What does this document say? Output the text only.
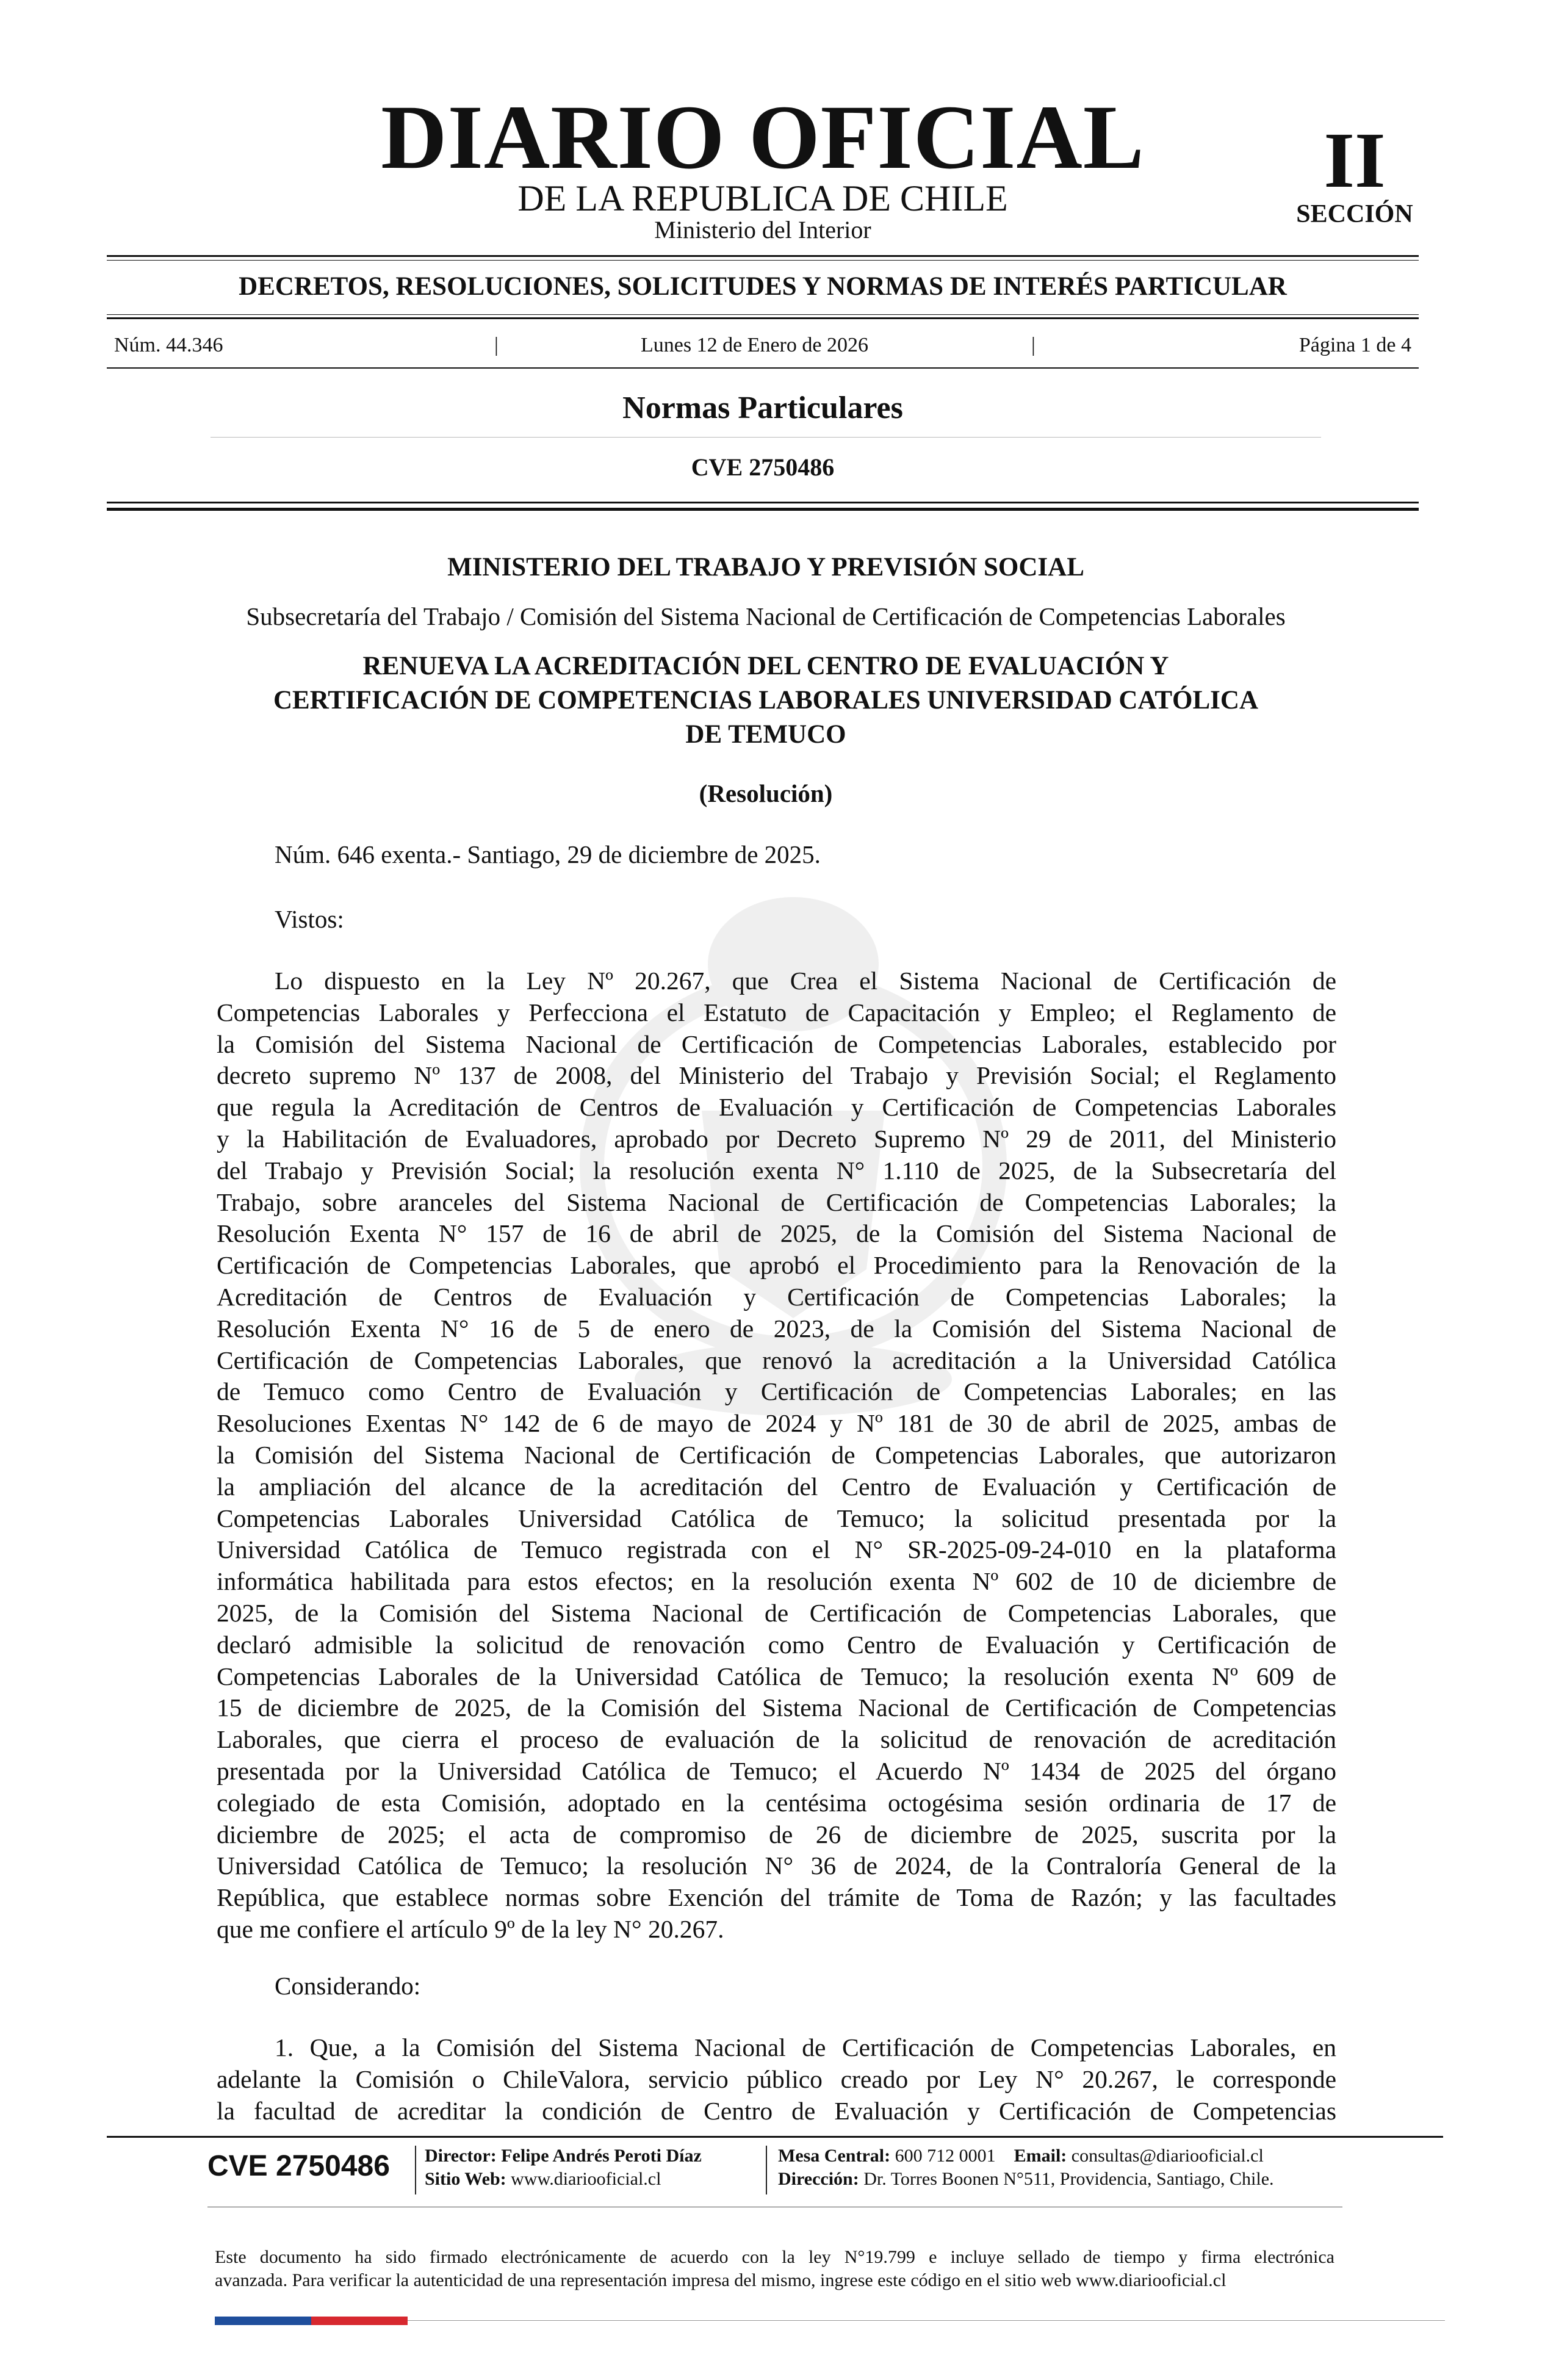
DIARIO OFICIAL
DE LA REPUBLICA DE CHILE
Ministerio del Interior
II
SECCIÓN
DECRETOS, RESOLUCIONES, SOLICITUDES Y NORMAS DE INTERÉS PARTICULAR
Núm. 44.346	|	Lunes 12 de Enero de 2026	|	Página 1 de 4
Normas Particulares
CVE 2750486
MINISTERIO DEL TRABAJO Y PREVISIÓN SOCIAL
Subsecretaría del Trabajo / Comisión del Sistema Nacional de Certificación de Competencias Laborales
RENUEVA LA ACREDITACIÓN DEL CENTRO DE EVALUACIÓN Y
CERTIFICACIÓN DE COMPETENCIAS LABORALES UNIVERSIDAD CATÓLICA
DE TEMUCO
(Resolución)
Núm. 646 exenta.- Santiago, 29 de diciembre de 2025.
Vistos:
Lo dispuesto en la Ley Nº 20.267, que Crea el Sistema Nacional de Certificación de
Competencias Laborales y Perfecciona el Estatuto de Capacitación y Empleo; el Reglamento de
la Comisión del Sistema Nacional de Certificación de Competencias Laborales, establecido por
decreto supremo Nº 137 de 2008, del Ministerio del Trabajo y Previsión Social; el Reglamento
que regula la Acreditación de Centros de Evaluación y Certificación de Competencias Laborales
y la Habilitación de Evaluadores, aprobado por Decreto Supremo Nº 29 de 2011, del Ministerio
del Trabajo y Previsión Social; la resolución exenta N° 1.110 de 2025, de la Subsecretaría del
Trabajo, sobre aranceles del Sistema Nacional de Certificación de Competencias Laborales; la
Resolución Exenta N° 157 de 16 de abril de 2025, de la Comisión del Sistema Nacional de
Certificación de Competencias Laborales, que aprobó el Procedimiento para la Renovación de la
Acreditación de Centros de Evaluación y Certificación de Competencias Laborales; la
Resolución Exenta N° 16 de 5 de enero de 2023, de la Comisión del Sistema Nacional de
Certificación de Competencias Laborales, que renovó la acreditación a la Universidad Católica
de Temuco como Centro de Evaluación y Certificación de Competencias Laborales; en las
Resoluciones Exentas N° 142 de 6 de mayo de 2024 y Nº 181 de 30 de abril de 2025, ambas de
la Comisión del Sistema Nacional de Certificación de Competencias Laborales, que autorizaron
la ampliación del alcance de la acreditación del Centro de Evaluación y Certificación de
Competencias Laborales Universidad Católica de Temuco; la solicitud presentada por la
Universidad Católica de Temuco registrada con el N° SR-2025-09-24-010 en la plataforma
informática habilitada para estos efectos; en la resolución exenta Nº 602 de 10 de diciembre de
2025, de la Comisión del Sistema Nacional de Certificación de Competencias Laborales, que
declaró admisible la solicitud de renovación como Centro de Evaluación y Certificación de
Competencias Laborales de la Universidad Católica de Temuco; la resolución exenta Nº 609 de
15 de diciembre de 2025, de la Comisión del Sistema Nacional de Certificación de Competencias
Laborales, que cierra el proceso de evaluación de la solicitud de renovación de acreditación
presentada por la Universidad Católica de Temuco; el Acuerdo Nº 1434 de 2025 del órgano
colegiado de esta Comisión, adoptado en la centésima octogésima sesión ordinaria de 17 de
diciembre de 2025; el acta de compromiso de 26 de diciembre de 2025, suscrita por la
Universidad Católica de Temuco; la resolución N° 36 de 2024, de la Contraloría General de la
República, que establece normas sobre Exención del trámite de Toma de Razón; y las facultades
que me confiere el artículo 9º de la ley N° 20.267.
Considerando:
1. Que, a la Comisión del Sistema Nacional de Certificación de Competencias Laborales, en
adelante la Comisión o ChileValora, servicio público creado por Ley N° 20.267, le corresponde
la facultad de acreditar la condición de Centro de Evaluación y Certificación de Competencias
CVE 2750486	Director: Felipe Andrés Peroti Díaz
Sitio Web: www.diariooficial.cl
Mesa Central: 600 712 0001 Email: consultas@diariooficial.cl
Dirección: Dr. Torres Boonen N°511, Providencia, Santiago, Chile.
Este documento ha sido firmado electrónicamente de acuerdo con la ley N°19.799 e incluye sellado de tiempo y firma electrónica
avanzada. Para verificar la autenticidad de una representación impresa del mismo, ingrese este código en el sitio web www.diariooficial.cl
